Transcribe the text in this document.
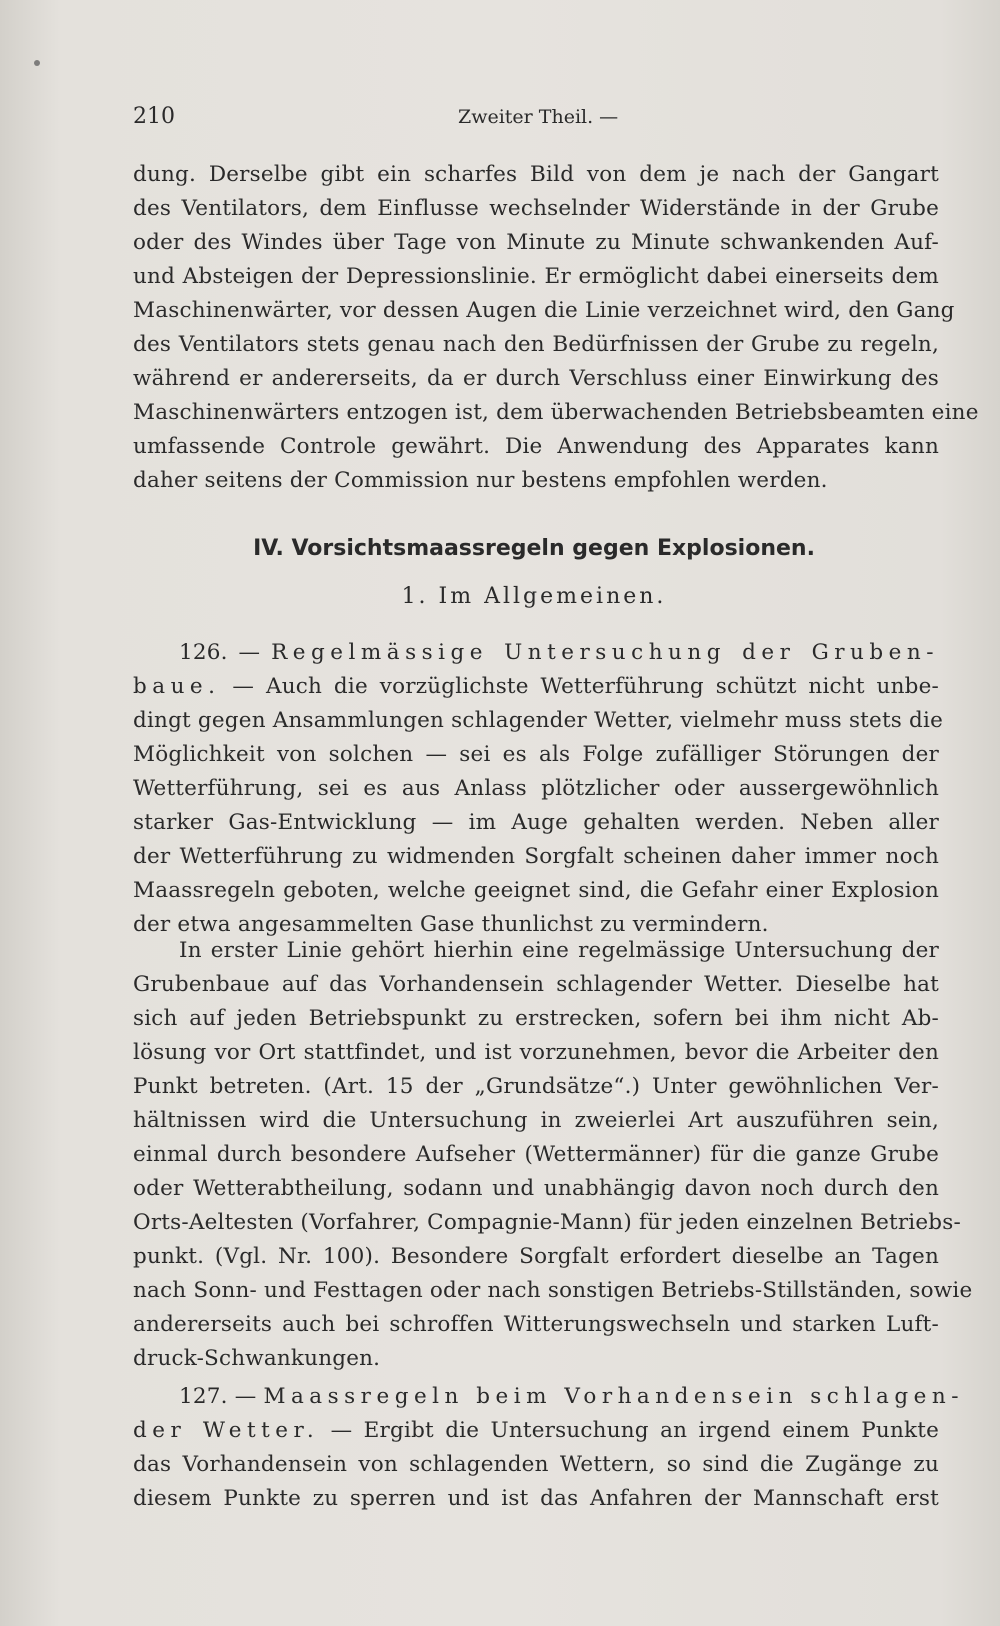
210	Zweiter Theil. —
dung. Derselbe gibt ein scharfes Bild von dem je nach der Gangart
des Ventilators, dem Einflusse wechselnder Widerstände in der Grube
oder des Windes über Tage von Minute zu Minute schwankenden Auf-
und Absteigen der Depressionslinie. Er ermöglicht dabei einerseits dem
Maschinenwärter, vor dessen Augen die Linie verzeichnet wird, den Gang
des Ventilators stets genau nach den Bedürfnissen der Grube zu regeln,
während er andererseits, da er durch Verschluss einer Einwirkung des
Maschinenwärters entzogen ist, dem überwachenden Betriebsbeamten eine
umfassende Controle gewährt. Die Anwendung des Apparates kann
daher seitens der Commission nur bestens empfohlen werden.
IV. Vorsichtsmaassregeln gegen Explosionen.
1. Im Allgemeinen.
126. — Regelmässige Untersuchung der Gruben-
baue. — Auch die vorzüglichste Wetterführung schützt nicht unbe-
dingt gegen Ansammlungen schlagender Wetter, vielmehr muss stets die
Möglichkeit von solchen — sei es als Folge zufälliger Störungen der
Wetterführung, sei es aus Anlass plötzlicher oder aussergewöhnlich
starker Gas-Entwicklung — im Auge gehalten werden. Neben aller
der Wetterführung zu widmenden Sorgfalt scheinen daher immer noch
Maassregeln geboten, welche geeignet sind, die Gefahr einer Explosion
der etwa angesammelten Gase thunlichst zu vermindern.
In erster Linie gehört hierhin eine regelmässige Untersuchung der
Grubenbaue auf das Vorhandensein schlagender Wetter. Dieselbe hat
sich auf jeden Betriebspunkt zu erstrecken, sofern bei ihm nicht Ab-
lösung vor Ort stattfindet, und ist vorzunehmen, bevor die Arbeiter den
Punkt betreten. (Art. 15 der „Grundsätze“.) Unter gewöhnlichen Ver-
hältnissen wird die Untersuchung in zweierlei Art auszuführen sein,
einmal durch besondere Aufseher (Wettermänner) für die ganze Grube
oder Wetterabtheilung, sodann und unabhängig davon noch durch den
Orts-Aeltesten (Vorfahrer, Compagnie-Mann) für jeden einzelnen Betriebs-
punkt. (Vgl. Nr. 100). Besondere Sorgfalt erfordert dieselbe an Tagen
nach Sonn- und Festtagen oder nach sonstigen Betriebs-Stillständen, sowie
andererseits auch bei schroffen Witterungswechseln und starken Luft-
druck-Schwankungen.
127. — Maassregeln beim Vorhandensein schlagen-
der Wetter. — Ergibt die Untersuchung an irgend einem Punkte
das Vorhandensein von schlagenden Wettern, so sind die Zugänge zu
diesem Punkte zu sperren und ist das Anfahren der Mannschaft erst
